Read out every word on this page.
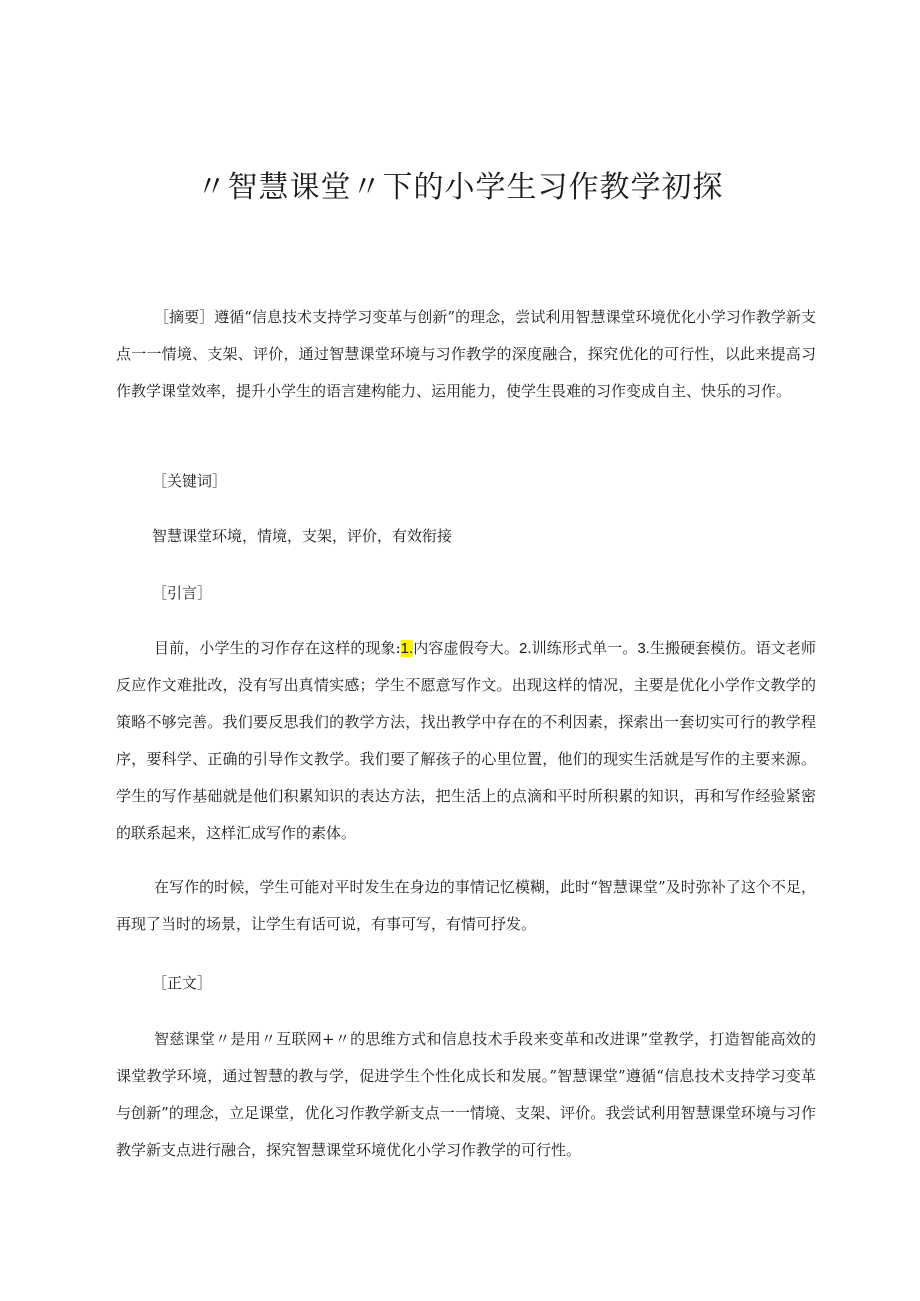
〃智慧课堂〃下的小学生习作教学初探

［摘要］遵循“信息技术支持学习变革与创新”的理念，尝试利用智慧课堂环境优化小学习作教学新支点一一情境、支架、评价，通过智慧课堂环境与习作教学的深度融合，探究优化的可行性，以此来提高习作教学课堂效率，提升小学生的语言建构能力、运用能力，使学生畏难的习作变成自主、快乐的习作。

［关键词］

智慧课堂环境，情境，支架，评价，有效衔接

［引言］

目前，小学生的习作存在这样的现象:1.内容虚假夸大。2.训练形式单一。3.生搬硬套模仿。语文老师反应作文难批改，没有写出真情实感；学生不愿意写作文。出现这样的情况，主要是优化小学作文教学的策略不够完善。我们要反思我们的教学方法，找出教学中存在的不利因素，探索出一套切实可行的教学程序，要科学、正确的引导作文教学。我们要了解孩子的心里位置，他们的现实生活就是写作的主要来源。学生的写作基础就是他们积累知识的表达方法，把生活上的点滴和平时所积累的知识，再和写作经验紧密的联系起来，这样汇成写作的素体。

在写作的时候，学生可能对平时发生在身边的事情记忆模糊，此时“智慧课堂”及时弥补了这个不足，再现了当时的场景，让学生有话可说，有事可写，有情可抒发。

［正文］

智慈课堂〃是用〃互联网+〃的思维方式和信息技术手段来变革和改进课”堂教学，打造智能高效的课堂教学环境，通过智慧的教与学，促进学生个性化成长和发展。”智慧课堂”遵循“信息技术支持学习变革与创新”的理念，立足课堂，优化习作教学新支点一一情境、支架、评价。我尝试利用智慧课堂环境与习作教学新支点进行融合，探究智慧课堂环境优化小学习作教学的可行性。
